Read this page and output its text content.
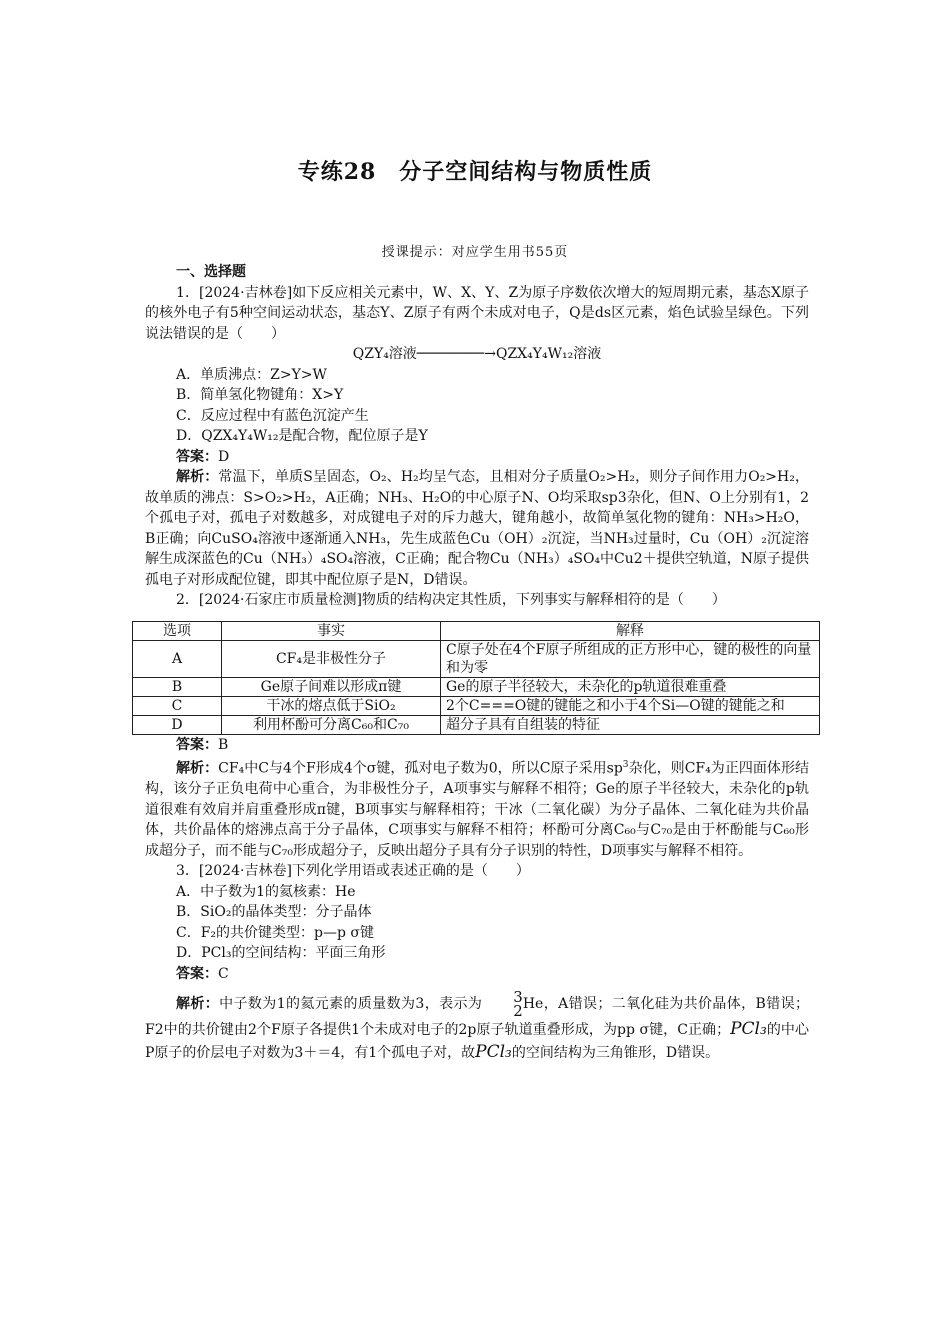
专练28　分子空间结构与物质性质
授课提示：对应学生用书55页

一、选择题

1．[2024·吉林卷]如下反应相关元素中，W、X、Y、Z为原子序数依次增大的短周期元素，基态X原子的核外电子有5种空间运动状态，基态Y、Z原子有两个未成对电子，Q是ds区元素，焰色试验呈绿色。下列说法错误的是（　　）

QZY₄溶液────────→QZX₄Y₄W₁₂溶液

A．单质沸点：Z>Y>W

B．简单氢化物键角：X>Y

C．反应过程中有蓝色沉淀产生

D．QZX₄Y₄W₁₂是配合物，配位原子是Y

答案：D

解析：常温下，单质S呈固态，O₂、H₂均呈气态，且相对分子质量O₂>H₂，则分子间作用力O₂>H₂，故单质的沸点：S>O₂>H₂，A正确；NH₃、H₂O的中心原子N、O均采取sp3杂化，但N、O上分别有1，2个孤电子对，孤电子对数越多，对成键电子对的斥力越大，键角越小，故简单氢化物的键角：NH₃>H₂O，B正确；向CuSO₄溶液中逐渐通入NH₃，先生成蓝色Cu（OH）₂沉淀，当NH₃过量时，Cu（OH）₂沉淀溶解生成深蓝色的Cu（NH₃）₄SO₄溶液，C正确；配合物Cu（NH₃）₄SO₄中Cu2＋提供空轨道，N原子提供孤电子对形成配位键，即其中配位原子是N，D错误。

2．[2024·石家庄市质量检测]物质的结构决定其性质，下列事实与解释相符的是（　　）

选项	事实	解释
A	CF₄是非极性分子	C原子处在4个F原子所组成的正方形中心，键的极性的向量和为零
B	Ge原子间难以形成π键	Ge的原子半径较大，未杂化的p轨道很难重叠
C	干冰的熔点低于SiO₂	2个C===O键的键能之和小于4个Si—O键的键能之和
D	利用杯酚可分离C₆₀和C₇₀	超分子具有自组装的特征

答案：B

解析：CF₄中C与4个F形成4个σ键，孤对电子数为0，所以C原子采用$sp^3$杂化，则CF₄为正四面体形结构，该分子正负电荷中心重合，为非极性分子，A项事实与解释不相符；Ge的原子半径较大，未杂化的p轨道很难有效肩并肩重叠形成π键，B项事实与解释相符；干冰（二氧化碳）为分子晶体、二氧化硅为共价晶体，共价晶体的熔沸点高于分子晶体，C项事实与解释不相符；杯酚可分离C₆₀与C₇₀是由于杯酚能与C₆₀形成超分子，而不能与C₇₀形成超分子，反映出超分子具有分子识别的特性，D项事实与解释不相符。

3．[2024·吉林卷]下列化学用语或表述正确的是（　　）

A．中子数为1的氦核素：He

B．SiO₂的晶体类型：分子晶体

C．F₂的共价键类型：p—p σ键

D．PCl₃的空间结构：平面三角形

答案：C

解析：中子数为1的氦元素的质量数为3，表示为	3
2 He，A错误；二氧化硅为共价晶体，B错误；F2中的共价键由2个F原子各提供1个未成对电子的2p原子轨道重叠形成，为pp σ键，C正确；PCl₃的中心P原子的价层电子对数为3＋＝4，有1个孤电子对，故PCl₃的空间结构为三角锥形，D错误。
